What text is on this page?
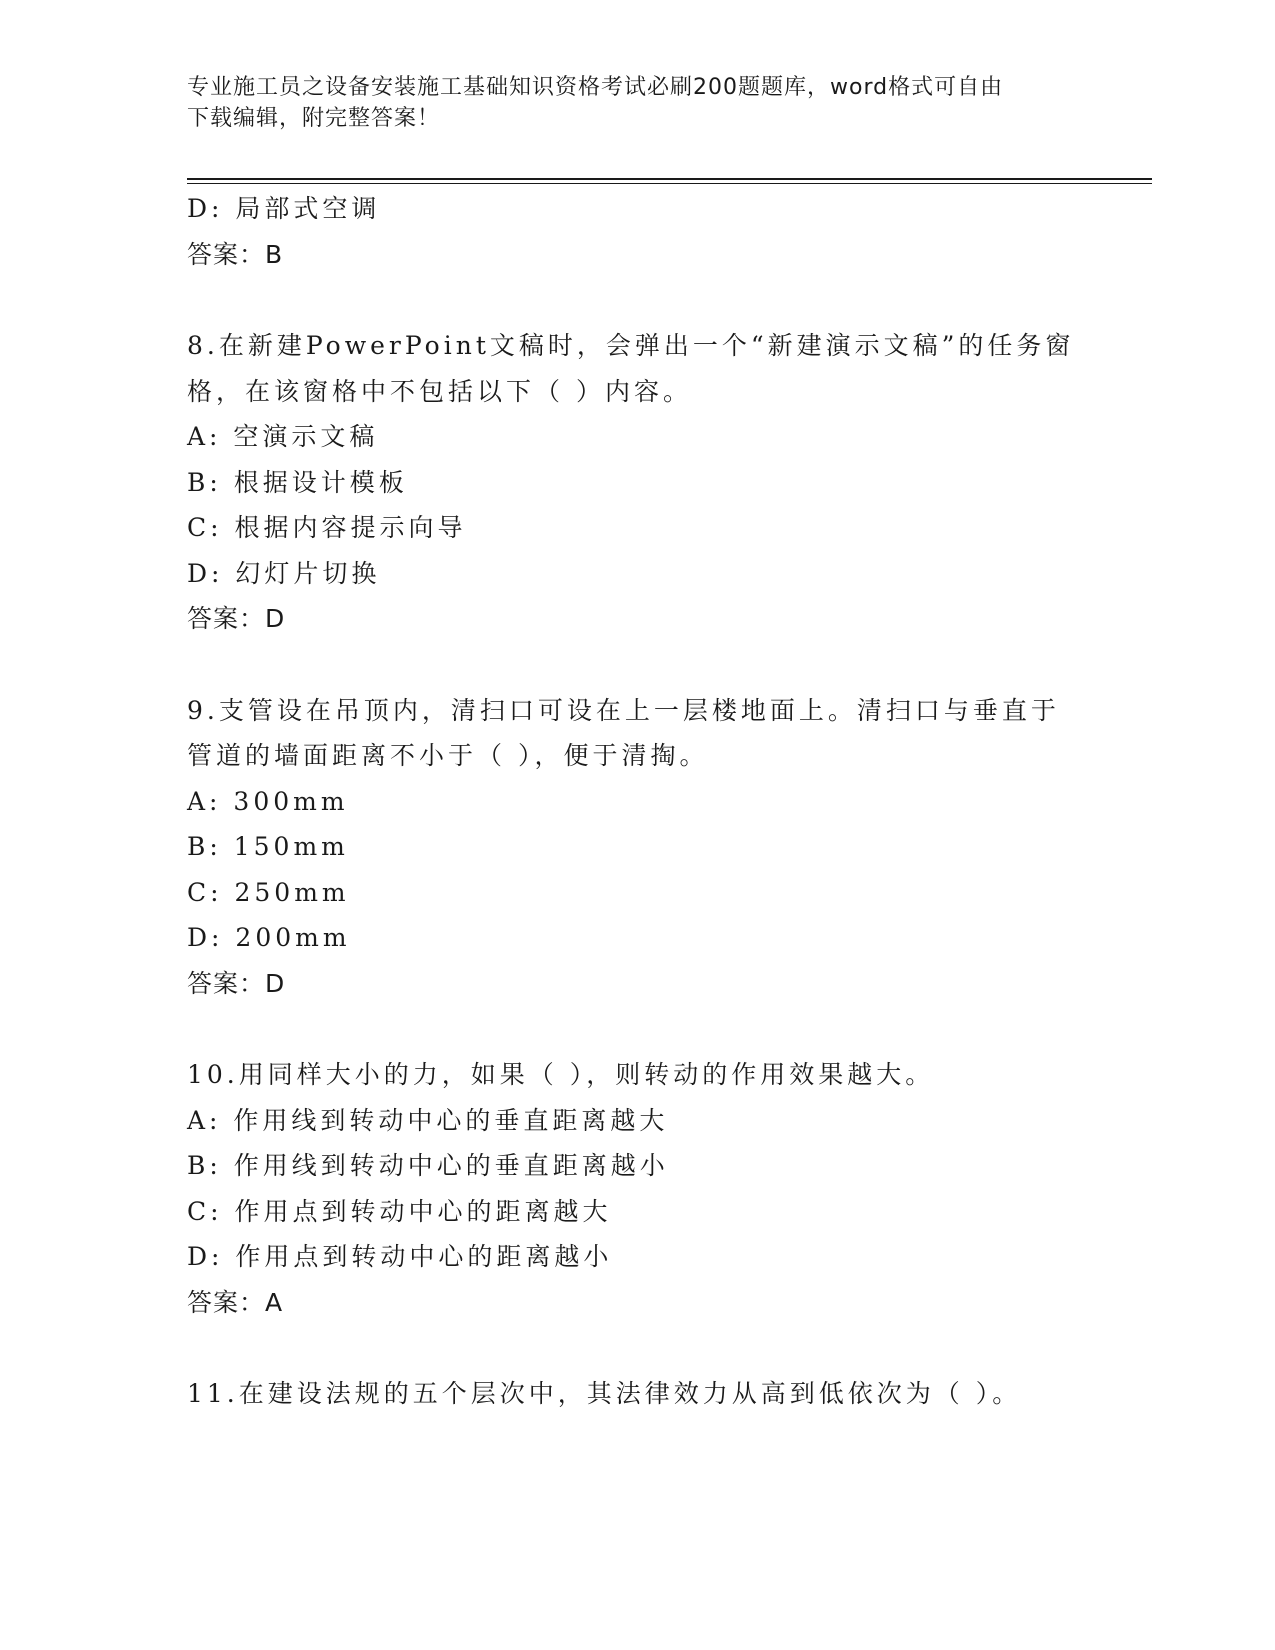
专业施工员之设备安装施工基础知识资格考试必刷200题题库，word格式可自由
下载编辑，附完整答案！
D: 局部式空调
答案：B
8.在新建PowerPoint文稿时，会弹出一个“新建演示文稿”的任务窗
格，在该窗格中不包括以下（ ）内容。
A: 空演示文稿
B: 根据设计模板
C: 根据内容提示向导
D: 幻灯片切换
答案：D
9.支管设在吊顶内，清扫口可设在上一层楼地面上。清扫口与垂直于
管道的墙面距离不小于（ ），便于清掏。
A: 300mm
B: 150mm
C: 250mm
D: 200mm
答案：D
10.用同样大小的力，如果（ ），则转动的作用效果越大。
A: 作用线到转动中心的垂直距离越大
B: 作用线到转动中心的垂直距离越小
C: 作用点到转动中心的距离越大
D: 作用点到转动中心的距离越小
答案：A
11.在建设法规的五个层次中，其法律效力从高到低依次为（ ）。
